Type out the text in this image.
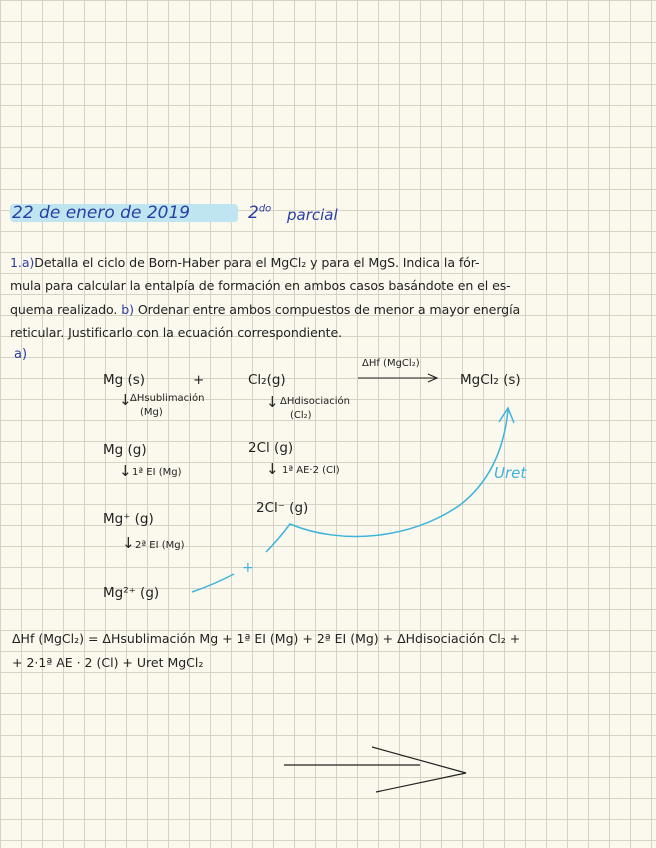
22 de enero de 2019	$2^{do}$ parcial
1.a)Detalla el ciclo de Born-Haber para el MgCl₂ y para el MgS. Indica la fór-
mula para calcular la entalpía de formación en ambos casos basándote en el es-
quema realizado. b) Ordenar entre ambos compuestos de menor a mayor energía
reticular. Justificarlo con la ecuación correspondiente.
a)
Mg (s)	+	Cl₂(g)
ΔHf (MgCl₂)
MgCl₂ (s)
↓
ΔHsublimación
(Mg)
↓ ΔHdisociación
(Cl₂)
Mg (g)	2Cl (g)
↓ 1ª EI (Mg)	↓ 1ª AE·2 (Cl)
Mg⁺ (g)
2Cl⁻ (g)
↓ 2ª EI (Mg)
Mg²⁺ (g)
+
Uret
ΔHf (MgCl₂) = ΔHsublimación Mg + 1ª EI (Mg) + 2ª EI (Mg) + ΔHdisociación Cl₂ +
+ 2·1ª AE · 2 (Cl) + Uret MgCl₂
